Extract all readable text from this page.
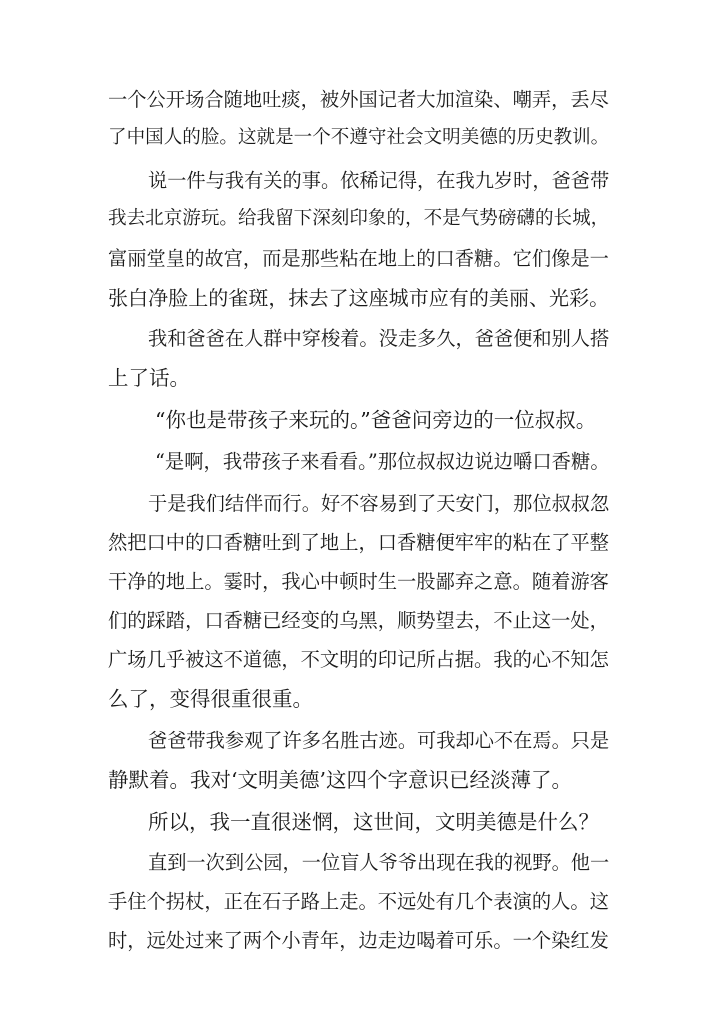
一个公开场合随地吐痰，被外国记者大加渲染、嘲弄，丢尽
了中国人的脸。这就是一个不遵守社会文明美德的历史教训。
说一件与我有关的事。依稀记得，在我九岁时，爸爸带
我去北京游玩。给我留下深刻印象的，不是气势磅礴的长城，
富丽堂皇的故宫，而是那些粘在地上的口香糖。它们像是一
张白净脸上的雀斑，抹去了这座城市应有的美丽、光彩。
我和爸爸在人群中穿梭着。没走多久，爸爸便和别人搭
上了话。
“你也是带孩子来玩的。”爸爸问旁边的一位叔叔。
“是啊，我带孩子来看看。”那位叔叔边说边嚼口香糖。
于是我们结伴而行。好不容易到了天安门，那位叔叔忽
然把口中的口香糖吐到了地上，口香糖便牢牢的粘在了平整
干净的地上。霎时，我心中顿时生一股鄙弃之意。随着游客
们的踩踏，口香糖已经变的乌黑，顺势望去，不止这一处，
广场几乎被这不道德，不文明的印记所占据。我的心不知怎
么了，变得很重很重。
爸爸带我参观了许多名胜古迹。可我却心不在焉。只是
静默着。我对‘文明美德’这四个字意识已经淡薄了。
所以，我一直很迷惘，这世间，文明美德是什么？
直到一次到公园，一位盲人爷爷出现在我的视野。他一
手住个拐杖，正在石子路上走。不远处有几个表演的人。这
时，远处过来了两个小青年，边走边喝着可乐。一个染红发
